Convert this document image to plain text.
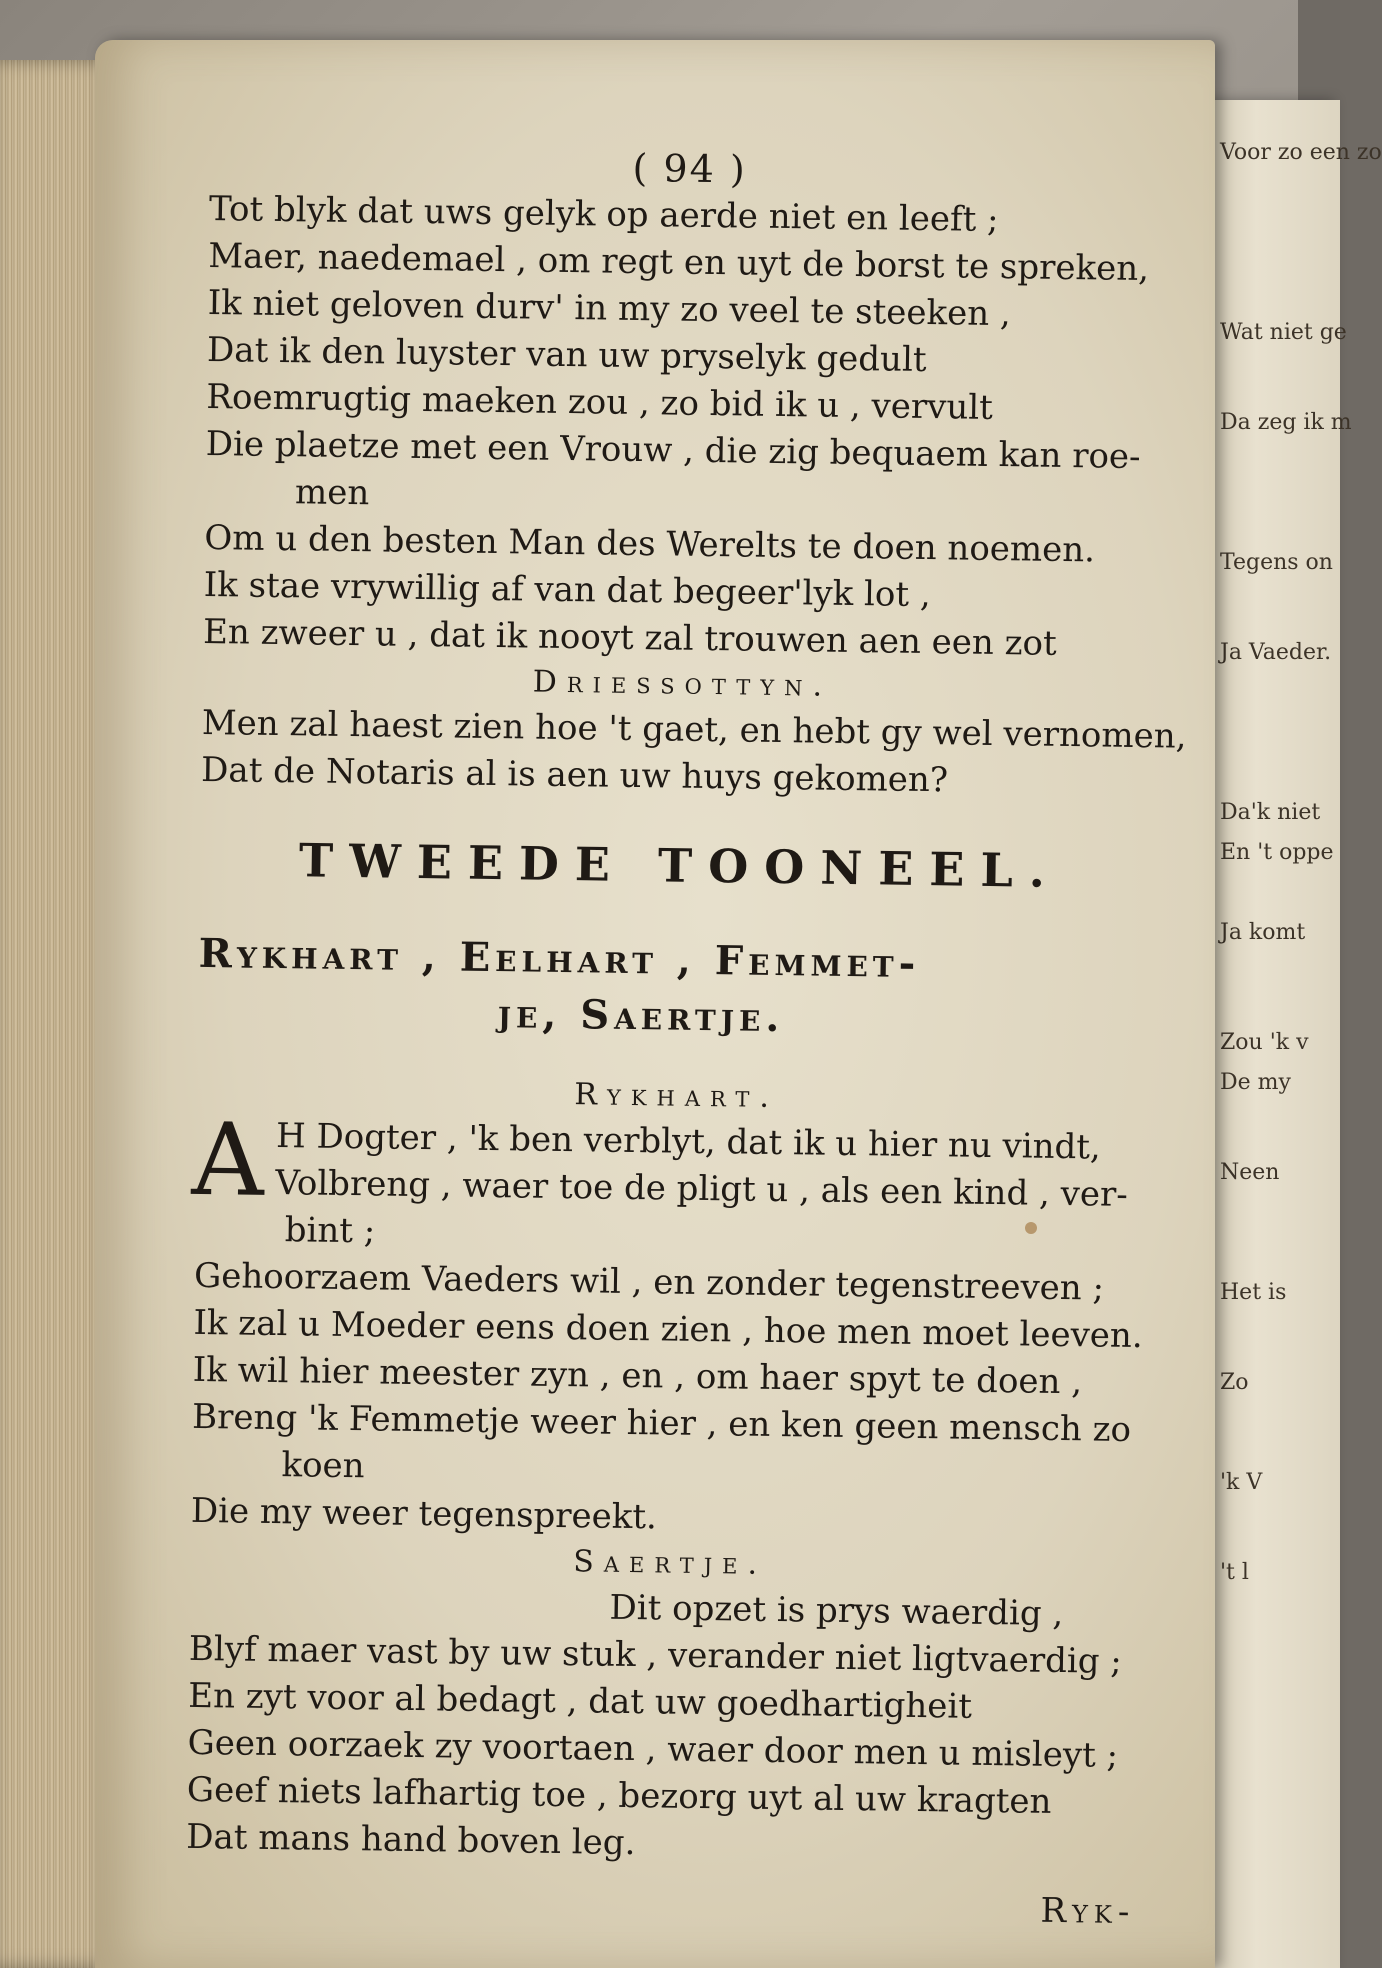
Voor zo een zo
Wat niet ge
Da zeg ik m
Tegens on
Ja Vaeder.
Da'k niet
En 't oppe
Ja komt
Zou 'k v
De my
Neen
Het is
Zo
'k V
't l
( 94 )
Tot blyk dat uws gelyk op aerde niet en leeft ;
Maer, naedemael , om regt en uyt de borst te spreken,
Ik niet geloven durv' in my zo veel te steeken ,
Dat ik den luyster van uw pryselyk gedult
Roemrugtig maeken zou , zo bid ik u , vervult
Die plaetze met een Vrouw , die zig bequaem kan roe-
men
Om u den besten Man des Werelts te doen noemen.
Ik stae vrywillig af van dat begeer'lyk lot ,
En zweer u , dat ik nooyt zal trouwen aen een zot
Driessottyn.
Men zal haest zien hoe 't gaet, en hebt gy wel vernomen,
Dat de Notaris al is aen uw huys gekomen?
TWEEDE TOONEEL.
Rykhart , Eelhart , Femmet-
je, Saertje.
Rykhart.
A H Dogter , 'k ben verblyt, dat ik u hier nu vindt,
Volbreng , waer toe de pligt u , als een kind , ver-
bint ;
Gehoorzaem Vaeders wil , en zonder tegenstreeven ;
Ik zal u Moeder eens doen zien , hoe men moet leeven.
Ik wil hier meester zyn , en , om haer spyt te doen ,
Breng 'k Femmetje weer hier , en ken geen mensch zo
koen
Die my weer tegenspreekt.
Saertje.
Dit opzet is prys waerdig ,
Blyf maer vast by uw stuk , verander niet ligtvaerdig ;
En zyt voor al bedagt , dat uw goedhartigheit
Geen oorzaek zy voortaen , waer door men u misleyt ;
Geef niets lafhartig toe , bezorg uyt al uw kragten
Dat mans hand boven leg.
Ryk-
